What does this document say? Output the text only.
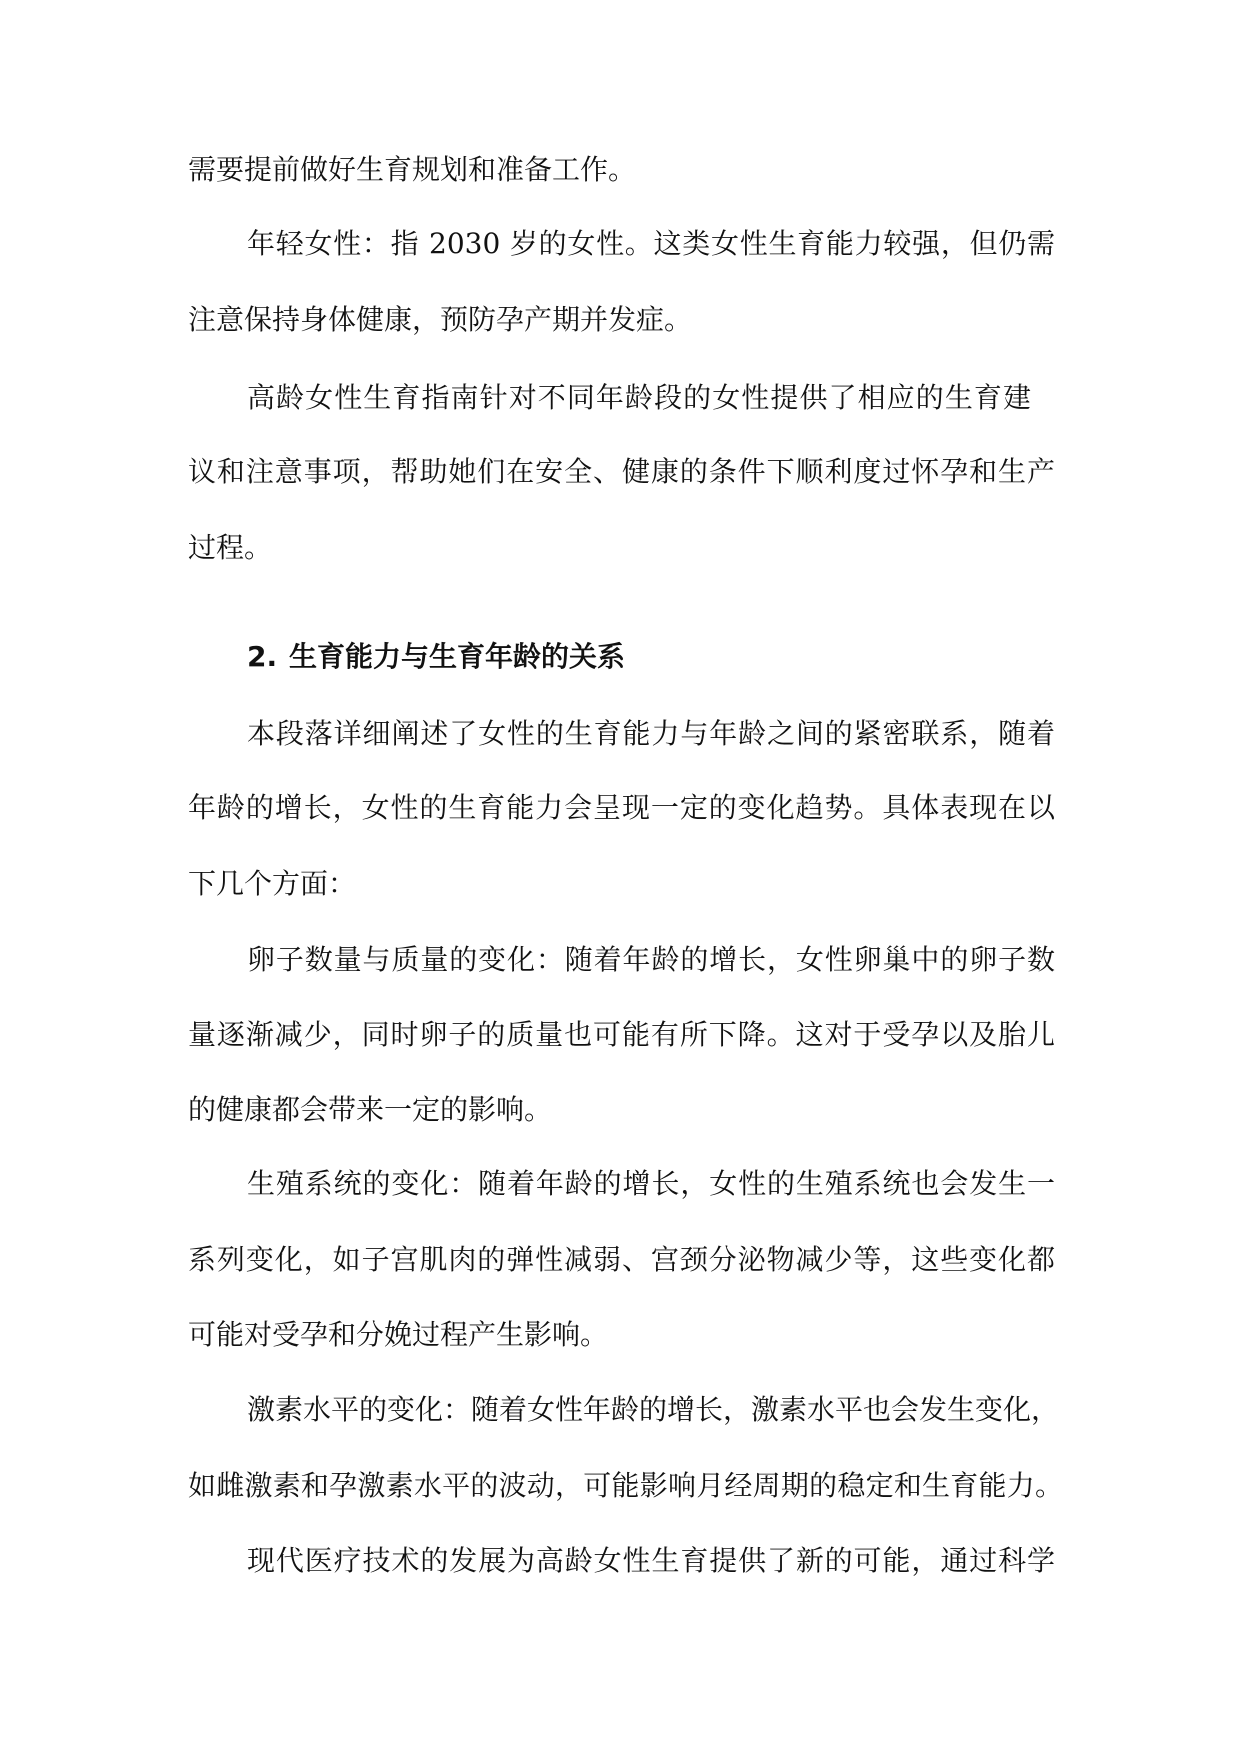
需要提前做好生育规划和准备工作。
年轻女性：指 2030 岁的女性。这类女性生育能力较强，但仍需
注意保持身体健康，预防孕产期并发症。
高龄女性生育指南针对不同年龄段的女性提供了相应的生育建
议和注意事项，帮助她们在安全、健康的条件下顺利度过怀孕和生产
过程。
2. 生育能力与生育年龄的关系
本段落详细阐述了女性的生育能力与年龄之间的紧密联系，随着
年龄的增长，女性的生育能力会呈现一定的变化趋势。具体表现在以
下几个方面：
卵子数量与质量的变化：随着年龄的增长，女性卵巢中的卵子数
量逐渐减少，同时卵子的质量也可能有所下降。这对于受孕以及胎儿
的健康都会带来一定的影响。
生殖系统的变化：随着年龄的增长，女性的生殖系统也会发生一
系列变化，如子宫肌肉的弹性减弱、宫颈分泌物减少等，这些变化都
可能对受孕和分娩过程产生影响。
激素水平的变化：随着女性年龄的增长，激素水平也会发生变化，
如雌激素和孕激素水平的波动，可能影响月经周期的稳定和生育能力。
现代医疗技术的发展为高龄女性生育提供了新的可能，通过科学
